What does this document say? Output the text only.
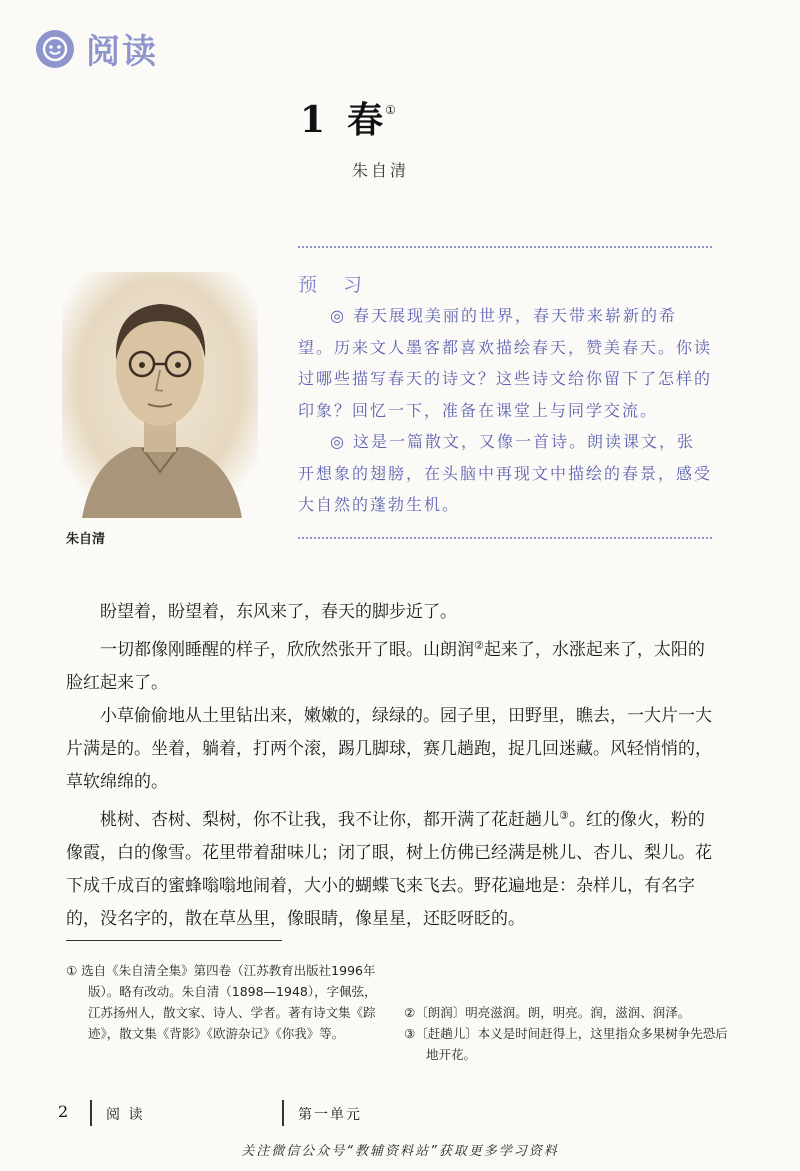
阅读
1 春 ①
朱自清
预 习

◎ 春天展现美丽的世界，春天带来崭新的希望。历来文人墨客都喜欢描绘春天，赞美春天。你读过哪些描写春天的诗文？这些诗文给你留下了怎样的印象？回忆一下，准备在课堂上与同学交流。

◎ 这是一篇散文，又像一首诗。朗读课文，张开想象的翅膀，在头脑中再现文中描绘的春景，感受大自然的蓬勃生机。

朱自清

盼望着，盼望着，东风来了，春天的脚步近了。

一切都像刚睡醒的样子，欣欣然张开了眼。山朗润②起来了，水涨起来了，太阳的脸红起来了。

小草偷偷地从土里钻出来，嫩嫩的，绿绿的。园子里，田野里，瞧去，一大片一大片满是的。坐着，躺着，打两个滚，踢几脚球，赛几趟跑，捉几回迷藏。风轻悄悄的，草软绵绵的。

桃树、杏树、梨树，你不让我，我不让你，都开满了花赶趟儿③。红的像火，粉的像霞，白的像雪。花里带着甜味儿；闭了眼，树上仿佛已经满是桃儿、杏儿、梨儿。花下成千成百的蜜蜂嗡嗡地闹着，大小的蝴蝶飞来飞去。野花遍地是：杂样儿，有名字的，没名字的，散在草丛里，像眼睛，像星星，还眨呀眨的。

① 选自《朱自清全集》第四卷（江苏教育出版社1996年版）。略有改动。朱自清（1898—1948），字佩弦，江苏扬州人，散文家、诗人、学者。著有诗文集《踪迹》，散文集《背影》《欧游杂记》《你我》等。

②〔朗润〕明亮滋润。朗，明亮。润，滋润、润泽。

③〔赶趟儿〕本义是时间赶得上，这里指众多果树争先恐后地开花。

2	阅 读	第一单元
关注微信公众号“教辅资料站”获取更多学习资料
